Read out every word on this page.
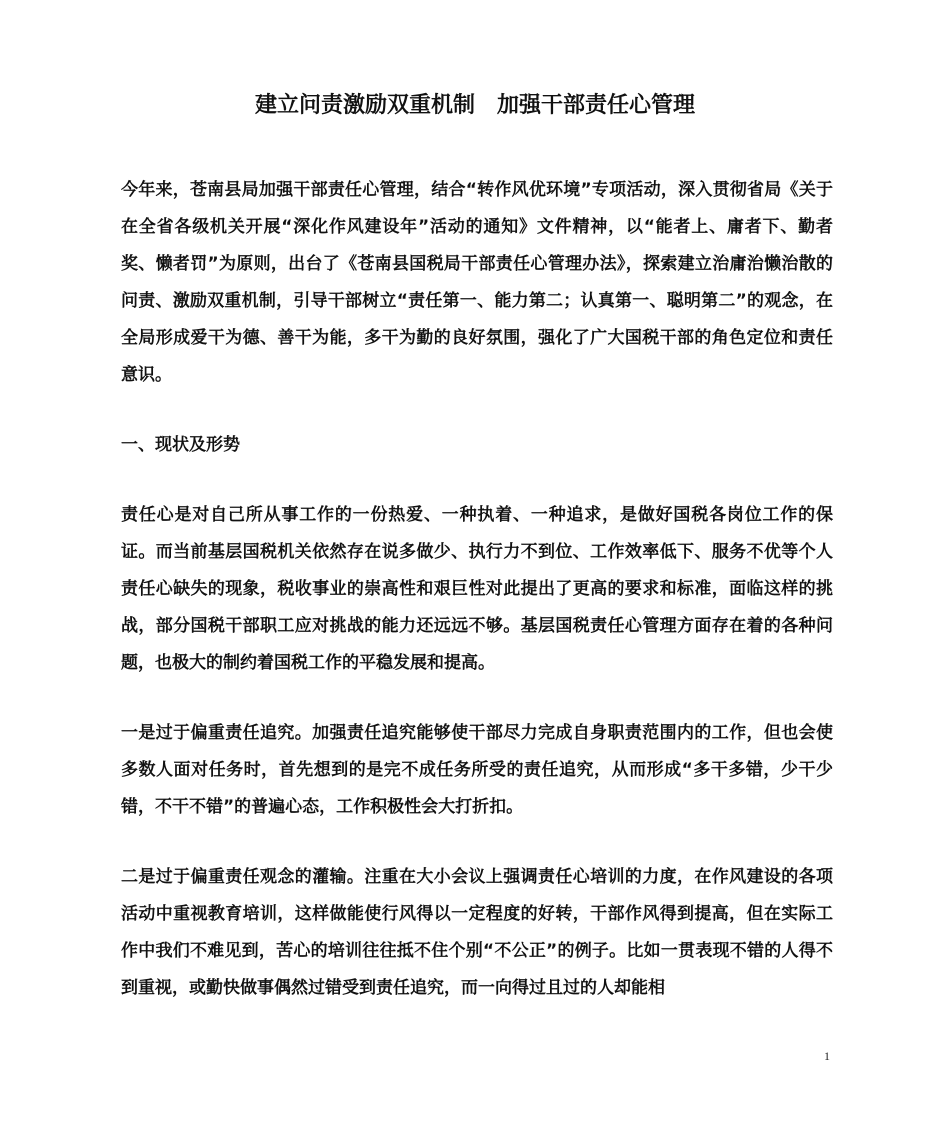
建立问责激励双重机制　加强干部责任心管理

今年来，苍南县局加强干部责任心管理，结合“转作风优环境”专项活动，深入贯彻省局《关于在全省各级机关开展“深化作风建设年”活动的通知》文件精神，以“能者上、庸者下、勤者奖、懒者罚”为原则，出台了《苍南县国税局干部责任心管理办法》，探索建立治庸治懒治散的问责、激励双重机制，引导干部树立“责任第一、能力第二；认真第一、聪明第二”的观念，在全局形成爱干为德、善干为能，多干为勤的良好氛围，强化了广大国税干部的角色定位和责任意识。

一、现状及形势

责任心是对自己所从事工作的一份热爱、一种执着、一种追求，是做好国税各岗位工作的保证。而当前基层国税机关依然存在说多做少、执行力不到位、工作效率低下、服务不优等个人责任心缺失的现象，税收事业的崇高性和艰巨性对此提出了更高的要求和标准，面临这样的挑战，部分国税干部职工应对挑战的能力还远远不够。基层国税责任心管理方面存在着的各种问题，也极大的制约着国税工作的平稳发展和提高。

一是过于偏重责任追究。加强责任追究能够使干部尽力完成自身职责范围内的工作，但也会使多数人面对任务时，首先想到的是完不成任务所受的责任追究，从而形成“多干多错，少干少错，不干不错”的普遍心态，工作积极性会大打折扣。

二是过于偏重责任观念的灌输。注重在大小会议上强调责任心培训的力度，在作风建设的各项活动中重视教育培训，这样做能使行风得以一定程度的好转，干部作风得到提高，但在实际工作中我们不难见到，苦心的培训往往抵不住个别“不公正”的例子。比如一贯表现不错的人得不到重视，或勤快做事偶然过错受到责任追究，而一向得过且过的人却能相

1
